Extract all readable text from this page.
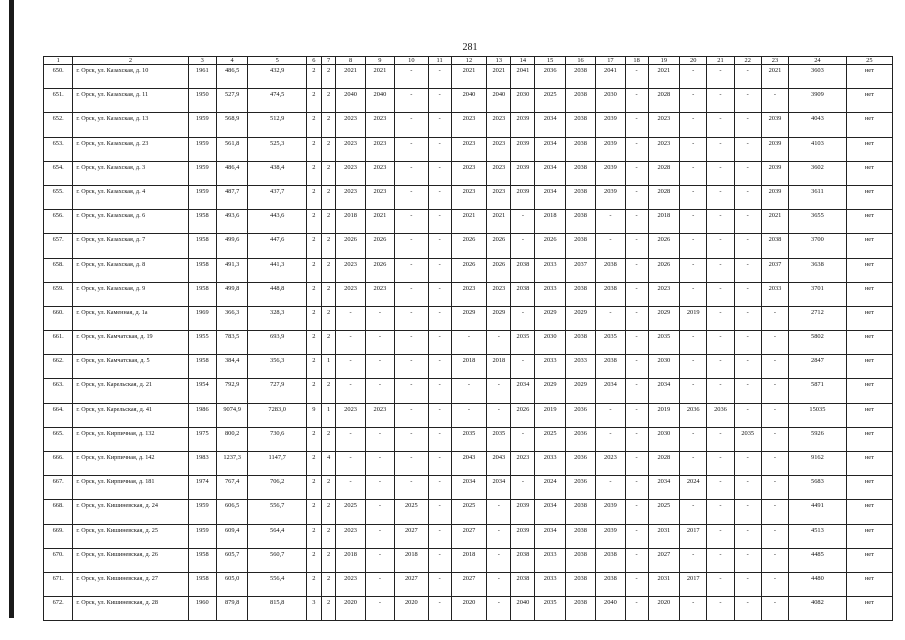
281
1	2	3	4	5	6	7	8	9	10	11	12	13	14	15	16	17	18	19	20	21	22	23	24	25
650.	г. Орск, ул. Казахская, д. 10	1961	486,5	432,9	2	2	2021	2021	-	-	2021	2021	2041	2036	2038	2041	-	2021	-	-	-	2021	3603	нет
651.	г. Орск, ул. Казахская, д. 11	1950	527,9	474,5	2	2	2040	2040	-	-	2040	2040	2030	2025	2038	2030	-	2028	-	-	-	-	3909	нет
652.	г. Орск, ул. Казахская, д. 13	1959	568,9	512,9	2	2	2023	2023	-	-	2023	2023	2039	2034	2038	2039	-	2023	-	-	-	2039	4043	нет
653.	г. Орск, ул. Казахская, д. 23	1959	561,8	525,3	2	2	2023	2023	-	-	2023	2023	2039	2034	2038	2039	-	2023	-	-	-	2039	4103	нет
654.	г. Орск, ул. Казахская, д. 3	1959	486,4	438,4	2	2	2023	2023	-	-	2023	2023	2039	2034	2038	2039	-	2028	-	-	-	2039	3602	нет
655.	г. Орск, ул. Казахская, д. 4	1959	487,7	437,7	2	2	2023	2023	-	-	2023	2023	2039	2034	2038	2039	-	2028	-	-	-	2039	3611	нет
656.	г. Орск, ул. Казахская, д. 6	1958	493,6	443,6	2	2	2018	2021	-	-	2021	2021	-	2018	2038	-	-	2018	-	-	-	2021	3655	нет
657.	г. Орск, ул. Казахская, д. 7	1958	499,6	447,6	2	2	2026	2026	-	-	2026	2026	-	2026	2038	-	-	2026	-	-	-	2038	3700	нет
658.	г. Орск, ул. Казахская, д. 8	1958	491,3	441,3	2	2	2023	2026	-	-	2026	2026	2038	2033	2037	2038	-	2026	-	-	-	2037	3638	нет
659.	г. Орск, ул. Казахская, д. 9	1958	499,8	448,8	2	2	2023	2023	-	-	2023	2023	2038	2033	2038	2038	-	2023	-	-	-	2033	3701	нет
660.	г. Орск, ул. Каменная, д. 1а	1969	366,3	328,3	2	2	-	-	-	-	2029	2029	-	2029	2029	-	-	2029	2019	-	-	-	2712	нет
661.	г. Орск, ул. Камчатская, д. 19	1955	783,5	693,9	2	2	-	-	-	-	-	-	2035	2030	2038	2035	-	2035	-	-	-	-	5802	нет
662.	г. Орск, ул. Камчатская, д. 5	1958	384,4	356,3	2	1	-	-	-	-	2018	2018	-	2033	2033	2038	-	2030	-	-	-	-	2847	нет
663.	г. Орск, ул. Карельская, д. 21	1954	792,9	727,9	2	2	-	-	-	-	-	-	2034	2029	2029	2034	-	2034	-	-	-	-	5871	нет
664.	г. Орск, ул. Карельская, д. 41	1986	9074,9	7283,0	9	1	2023	2023	-	-	-	-	2026	2019	2036	-	-	2019	2036	2036	-	-	15035	нет
665.	г. Орск, ул. Кирпичная, д. 132	1975	800,2	730,6	2	2	-	-	-	-	2035	2035	-	2025	2036	-	-	2030	-	-	2035	-	5926	нет
666.	г. Орск, ул. Кирпичная, д. 142	1983	1237,3	1147,7	2	4	-	-	-	-	2043	2043	2023	2033	2036	2023	-	2028	-	-	-	-	9162	нет
667.	г. Орск, ул. Кирпичная, д. 181	1974	767,4	706,2	2	2	-	-	-	-	2034	2034	-	2024	2036	-	-	2034	2024	-	-	-	5683	нет
668.	г. Орск, ул. Кишиневская, д. 24	1959	606,5	556,7	2	2	2025	-	2025	-	2025	-	2039	2034	2038	2039	-	2025	-	-	-	-	4491	нет
669.	г. Орск, ул. Кишиневская, д. 25	1959	609,4	564,4	2	2	2023	-	2027	-	2027	-	2039	2034	2038	2039	-	2031	2017	-	-	-	4513	нет
670.	г. Орск, ул. Кишиневская, д. 26	1958	605,7	560,7	2	2	2018	-	2018	-	2018	-	2038	2033	2038	2038	-	2027	-	-	-	-	4485	нет
671.	г. Орск, ул. Кишиневская, д. 27	1958	605,0	556,4	2	2	2023	-	2027	-	2027	-	2038	2033	2038	2038	-	2031	2017	-	-	-	4480	нет
672.	г. Орск, ул. Кишиневская, д. 28	1960	879,8	815,8	3	2	2020	-	2020	-	2020	-	2040	2035	2038	2040	-	2020	-	-	-	-	4082	нет
